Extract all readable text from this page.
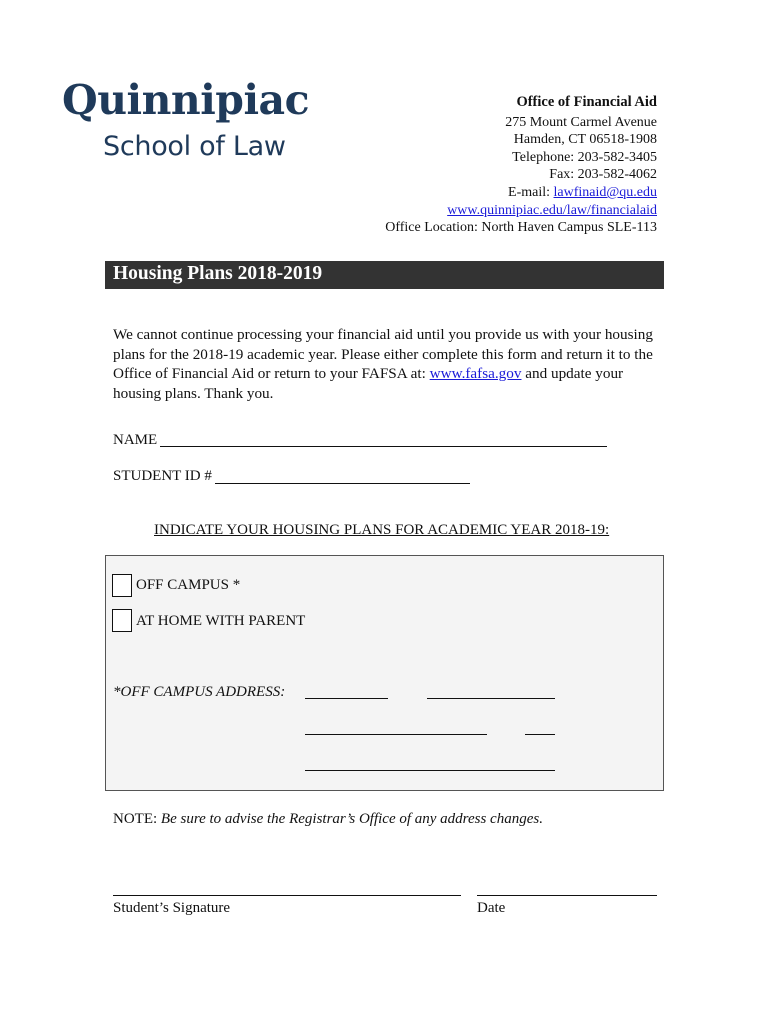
Quinnipiac
School of Law
Office of Financial Aid
275 Mount Carmel Avenue
Hamden, CT 06518-1908
Telephone: 203-582-3405
Fax: 203-582-4062
E-mail: lawfinaid@qu.edu
www.quinnipiac.edu/law/financialaid
Office Location: North Haven Campus SLE-113
Housing Plans 2018-2019
We cannot continue processing your financial aid until you provide us with your housing plans for the 2018-19 academic year. Please either complete this form and return it to the Office of Financial Aid or return to your FAFSA at: www.fafsa.gov and update your housing plans. Thank you.
NAME
STUDENT ID #
INDICATE YOUR HOUSING PLANS FOR ACADEMIC YEAR 2018-19:
OFF CAMPUS *
AT HOME WITH PARENT
*OFF CAMPUS ADDRESS:
NOTE: Be sure to advise the Registrar’s Office of any address changes.
Student’s Signature	Date
